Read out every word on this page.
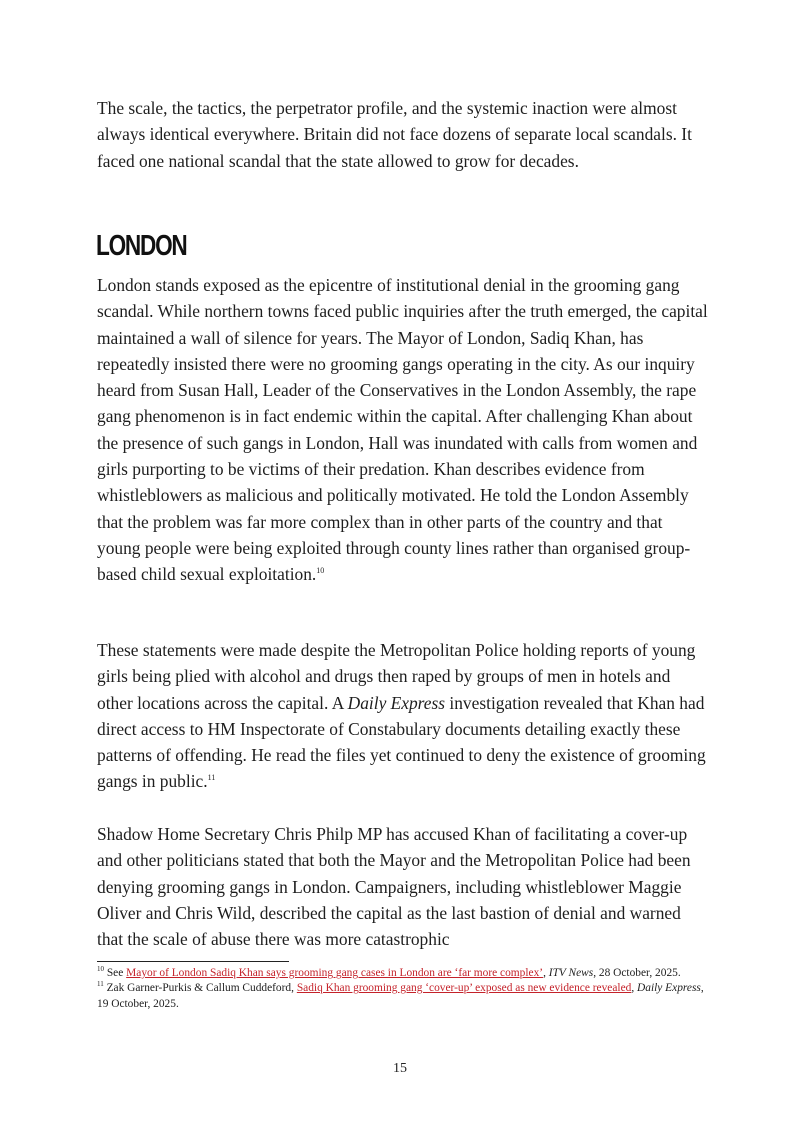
The scale, the tactics, the perpetrator profile, and the systemic inaction were almost always identical everywhere. Britain did not face dozens of separate local scandals. It faced one national scandal that the state allowed to grow for decades.

LONDON

London stands exposed as the epicentre of institutional denial in the grooming gang scandal. While northern towns faced public inquiries after the truth emerged, the capital maintained a wall of silence for years. The Mayor of London, Sadiq Khan, has repeatedly insisted there were no grooming gangs operating in the city. As our inquiry heard from Susan Hall, Leader of the Conservatives in the London Assembly, the rape gang phenomenon is in fact endemic within the capital. After challenging Khan about the presence of such gangs in London, Hall was inundated with calls from women and girls purporting to be victims of their predation. Khan describes evidence from whistleblowers as malicious and politically motivated. He told the London Assembly that the problem was far more complex than in other parts of the country and that young people were being exploited through county lines rather than organised group-based child sexual exploitation.$^{10}$

These statements were made despite the Metropolitan Police holding reports of young girls being plied with alcohol and drugs then raped by groups of men in hotels and other locations across the capital. A Daily Express investigation revealed that Khan had direct access to HM Inspectorate of Constabulary documents detailing exactly these patterns of offending. He read the files yet continued to deny the existence of grooming gangs in public.$^{11}$

Shadow Home Secretary Chris Philp MP has accused Khan of facilitating a cover-up and other politicians stated that both the Mayor and the Metropolitan Police had been denying grooming gangs in London. Campaigners, including whistleblower Maggie Oliver and Chris Wild, described the capital as the last bastion of denial and warned that the scale of abuse there was more catastrophic

$^{10}$ See Mayor of London Sadiq Khan says grooming gang cases in London are ‘far more complex’, ITV News, 28 October, 2025.

$^{11}$ Zak Garner-Purkis & Callum Cuddeford, Sadiq Khan grooming gang ‘cover-up’ exposed as new evidence revealed, Daily Express, 19 October, 2025.

15
